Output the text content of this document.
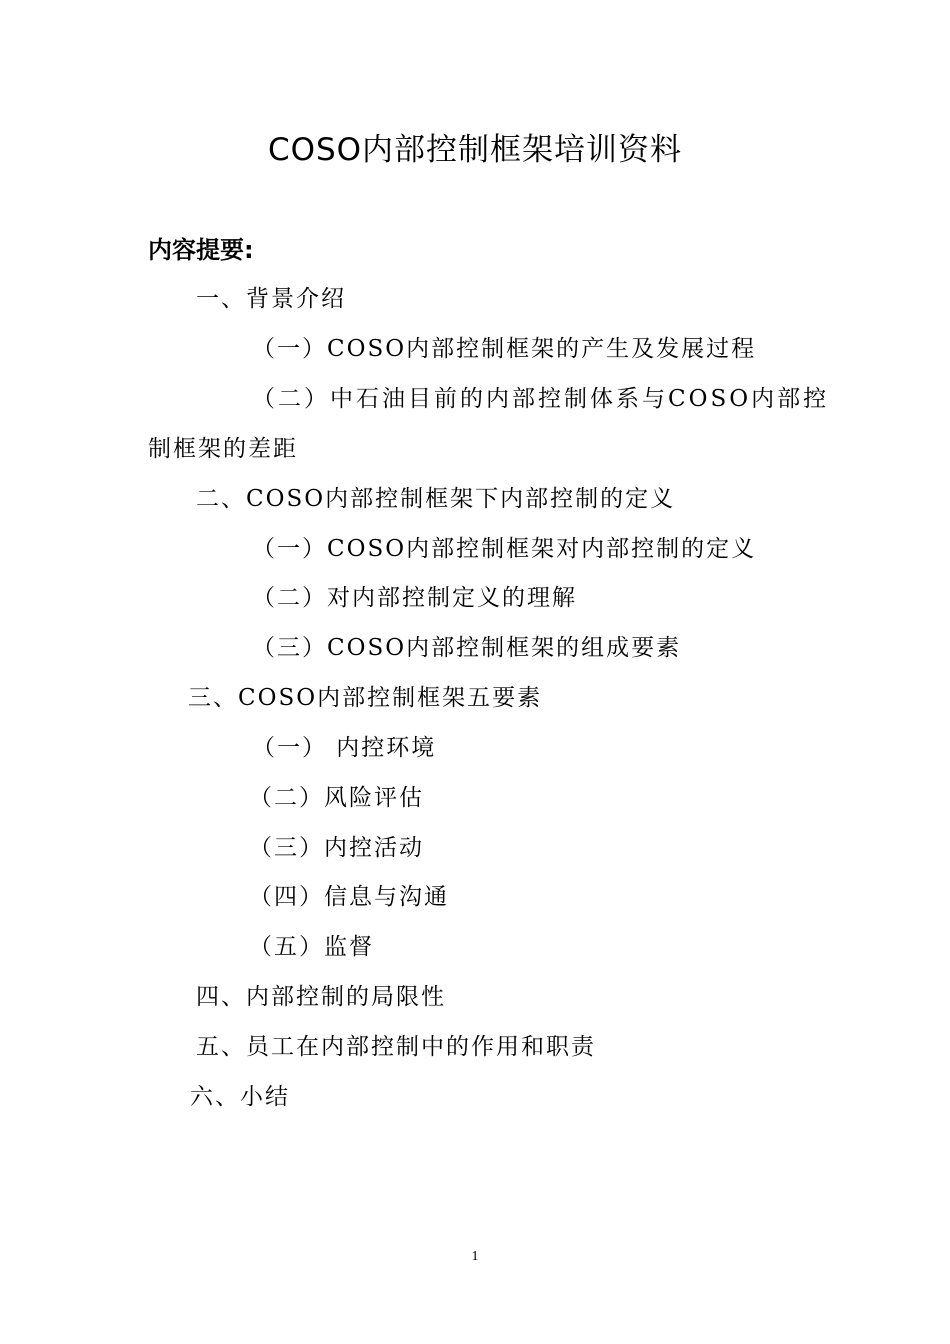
COSO内部控制框架培训资料
内容提要:
一、背景介绍
（一）COSO内部控制框架的产生及发展过程
（二）中石油目前的内部控制体系与COSO内部控
制框架的差距
二、COSO内部控制框架下内部控制的定义
（一）COSO内部控制框架对内部控制的定义
（二）对内部控制定义的理解
（三）COSO内部控制框架的组成要素
三、COSO内部控制框架五要素
（一） 内控环境
（二）风险评估
（三）内控活动
（四）信息与沟通
（五）监督
四、内部控制的局限性
五、员工在内部控制中的作用和职责
六、小结
1
